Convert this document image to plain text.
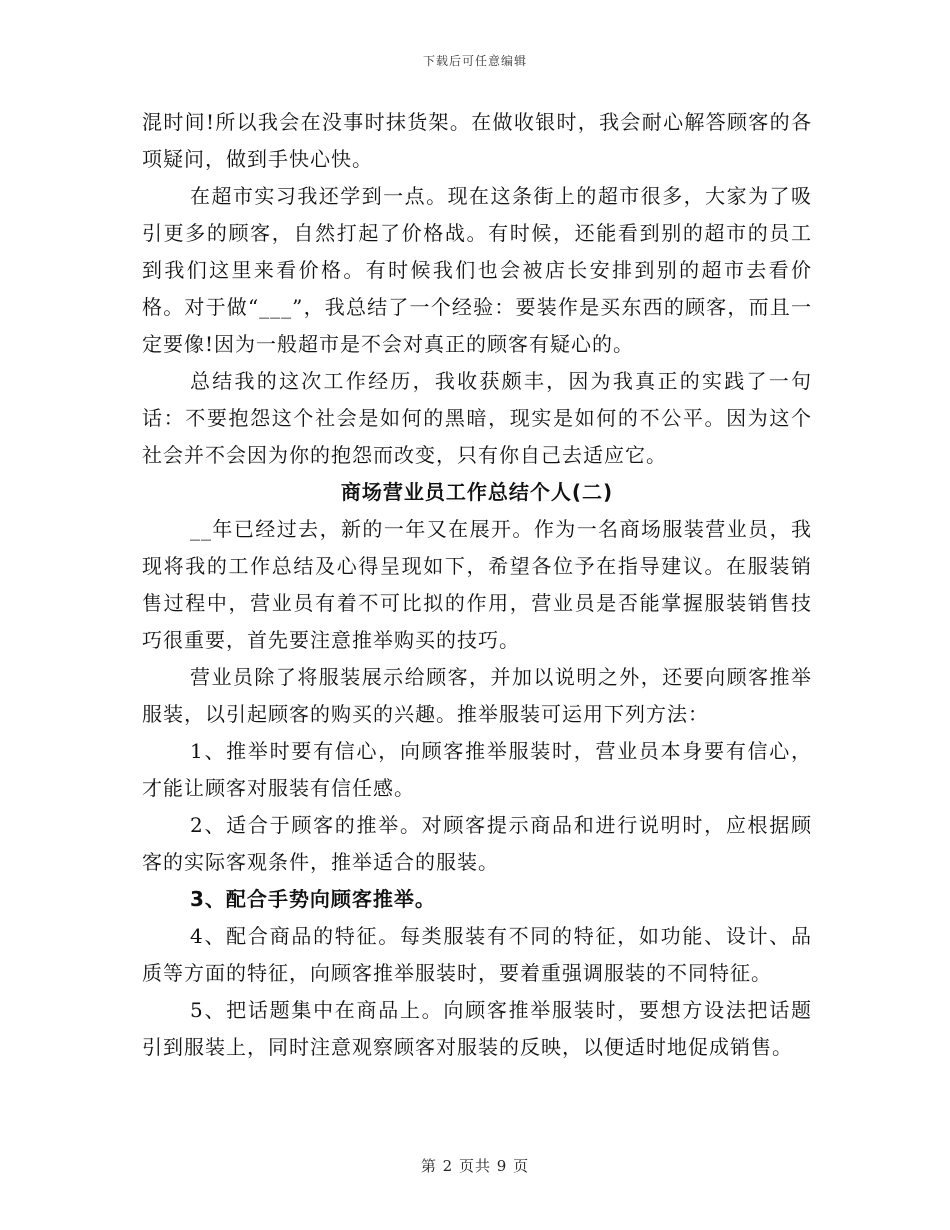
下载后可任意编辑

混时间!所以我会在没事时抹货架。在做收银时，我会耐心解答顾客的各项疑问，做到手快心快。

在超市实习我还学到一点。现在这条街上的超市很多，大家为了吸引更多的顾客，自然打起了价格战。有时候，还能看到别的超市的员工到我们这里来看价格。有时候我们也会被店长安排到别的超市去看价格。对于做“___”，我总结了一个经验：要装作是买东西的顾客，而且一定要像!因为一般超市是不会对真正的顾客有疑心的。

总结我的这次工作经历，我收获颇丰，因为我真正的实践了一句话：不要抱怨这个社会是如何的黑暗，现实是如何的不公平。因为这个社会并不会因为你的抱怨而改变，只有你自己去适应它。

商场营业员工作总结个人(二)

__年已经过去，新的一年又在展开。作为一名商场服装营业员，我现将我的工作总结及心得呈现如下，希望各位予在指导建议。在服装销售过程中，营业员有着不可比拟的作用，营业员是否能掌握服装销售技巧很重要，首先要注意推举购买的技巧。

营业员除了将服装展示给顾客，并加以说明之外，还要向顾客推举服装，以引起顾客的购买的兴趣。推举服装可运用下列方法：

1、推举时要有信心，向顾客推举服装时，营业员本身要有信心，才能让顾客对服装有信任感。

2、适合于顾客的推举。对顾客提示商品和进行说明时，应根据顾客的实际客观条件，推举适合的服装。

3、配合手势向顾客推举。

4、配合商品的特征。每类服装有不同的特征，如功能、设计、品质等方面的特征，向顾客推举服装时，要着重强调服装的不同特征。

5、把话题集中在商品上。向顾客推举服装时，要想方设法把话题引到服装上，同时注意观察顾客对服装的反映，以便适时地促成销售。

第 2 页共 9 页
